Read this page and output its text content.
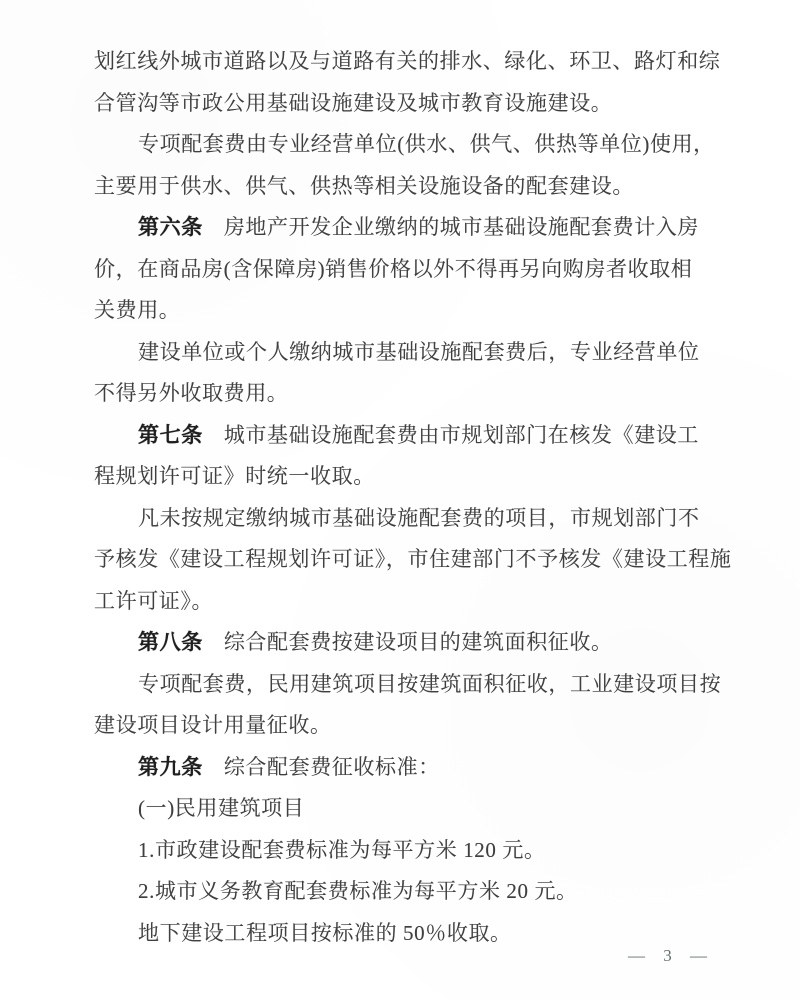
划红线外城市道路以及与道路有关的排水、绿化、环卫、路灯和综
合管沟等市政公用基础设施建设及城市教育设施建设。
专项配套费由专业经营单位(供水、供气、供热等单位)使用，
主要用于供水、供气、供热等相关设施设备的配套建设。
第六条 房地产开发企业缴纳的城市基础设施配套费计入房
价，在商品房(含保障房)销售价格以外不得再另向购房者收取相
关费用。
建设单位或个人缴纳城市基础设施配套费后，专业经营单位
不得另外收取费用。
第七条 城市基础设施配套费由市规划部门在核发《建设工
程规划许可证》时统一收取。
凡未按规定缴纳城市基础设施配套费的项目，市规划部门不
予核发《建设工程规划许可证》，市住建部门不予核发《建设工程施
工许可证》。
第八条 综合配套费按建设项目的建筑面积征收。
专项配套费，民用建筑项目按建筑面积征收，工业建设项目按
建设项目设计用量征收。
第九条 综合配套费征收标准：
(一)民用建筑项目
1.市政建设配套费标准为每平方米 120 元。
2.城市义务教育配套费标准为每平方米 20 元。
地下建设工程项目按标准的 50％收取。
— 3 —
